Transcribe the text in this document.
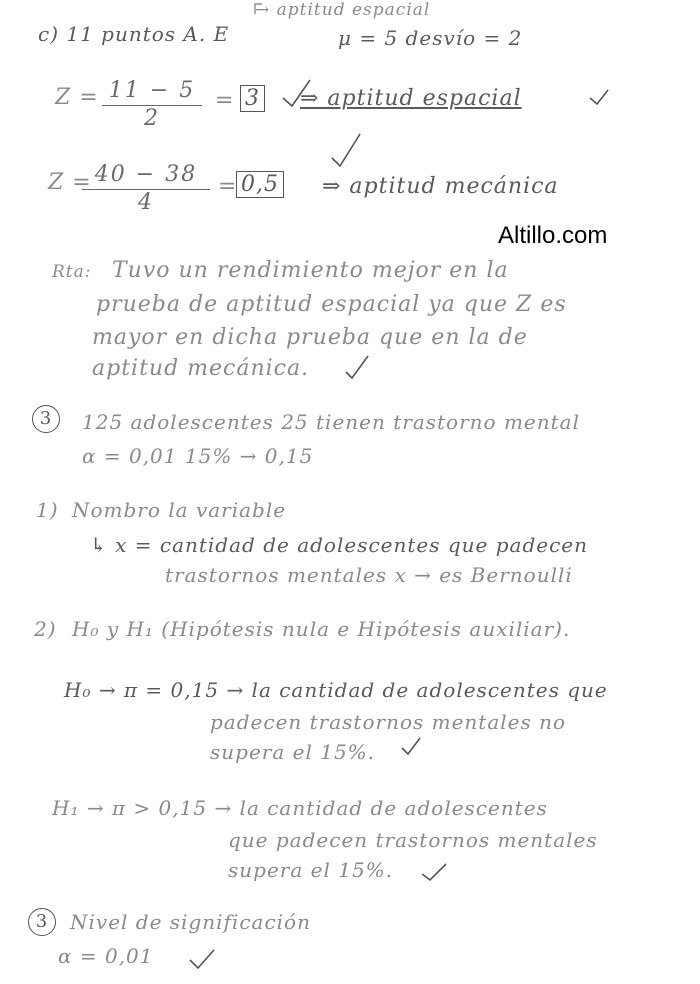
→ aptitud espacial
c) 11 puntos A. E	μ = 5 desvío = 2
$Z = \frac{11 - 5}{2} = 3$ ⇒ aptitud espacial
Z =
$\frac{40 - 38}{4} = 0,5$ ⇒ aptitud mecánica
Altillo.com
Rta: Tuvo un rendimiento mejor en la
prueba de aptitud espacial ya que Z es
mayor en dicha prueba que en la de
aptitud mecánica.
3	125 adolescentes 25 tienen trastorno mental
α = 0,01 15% → 0,15
1) Nombro la variable
↳ x = cantidad de adolescentes que padecen
trastornos mentales x → es Bernoulli
2) H₀ y H₁ (Hipótesis nula e Hipótesis auxiliar).
H₀ → π = 0,15 → la cantidad de adolescentes que
padecen trastornos mentales no
supera el 15%.
H₁ → π > 0,15 → la cantidad de adolescentes
que padecen trastornos mentales
supera el 15%.
3	Nivel de significación
α = 0,01
